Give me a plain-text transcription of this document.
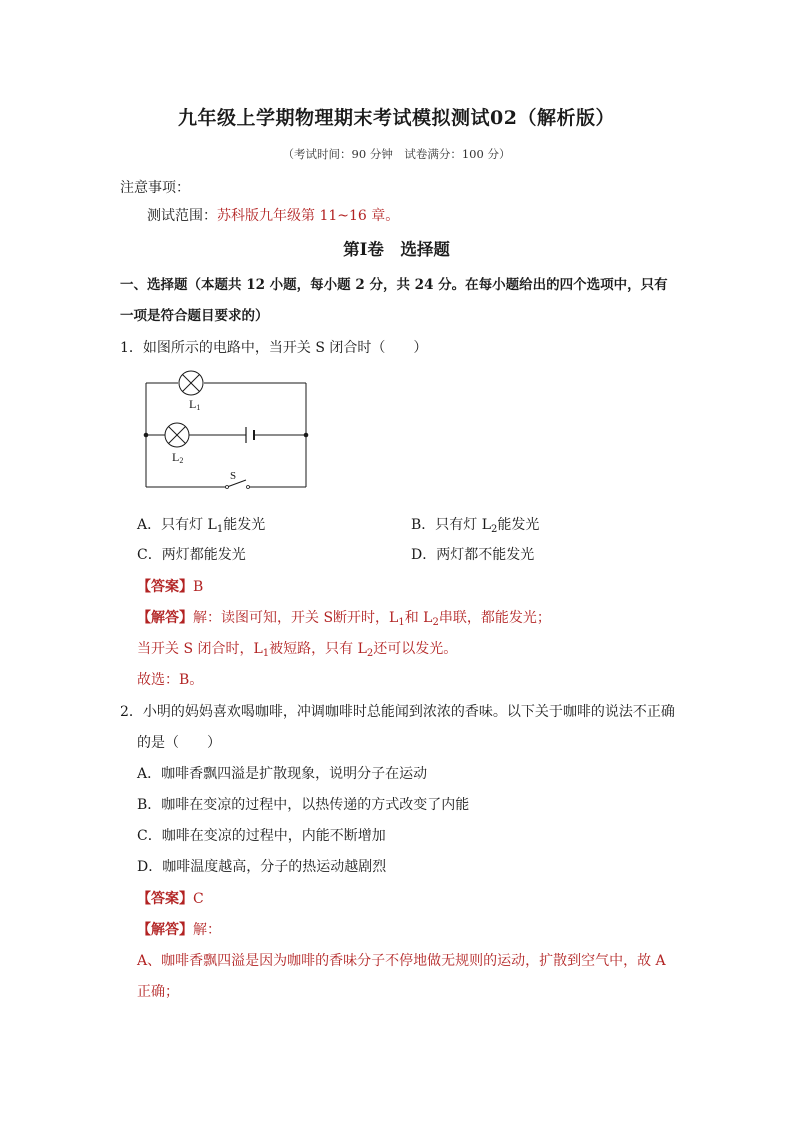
九年级上学期物理期末考试模拟测试02（解析版）
（考试时间：90 分钟　试卷满分：100 分）
注意事项：
测试范围：苏科版九年级第 11~16 章。
第Ⅰ卷　选择题
一、选择题（本题共 12 小题，每小题 2 分，共 24 分。在每小题给出的四个选项中，只有
一项是符合题目要求的）
1．如图所示的电路中，当开关 S 闭合时（　　）
L1
L2
S
A．只有灯 $L_1$能发光	B．只有灯 $L_2$能发光
C．两灯都能发光	D．两灯都不能发光
【答案】B
【解答】解：读图可知，开关 S断开时，$L_1$和 $L_2$串联，都能发光；
当开关 S 闭合时，$L_1$被短路，只有 $L_2$还可以发光。
故选：B。
2．小明的妈妈喜欢喝咖啡，冲调咖啡时总能闻到浓浓的香味。以下关于咖啡的说法不正确
的是（　　）
A．咖啡香飘四溢是扩散现象，说明分子在运动
B．咖啡在变凉的过程中，以热传递的方式改变了内能
C．咖啡在变凉的过程中，内能不断增加
D．咖啡温度越高，分子的热运动越剧烈
【答案】C
【解答】解：
A、咖啡香飘四溢是因为咖啡的香味分子不停地做无规则的运动，扩散到空气中，故 A
正确；
